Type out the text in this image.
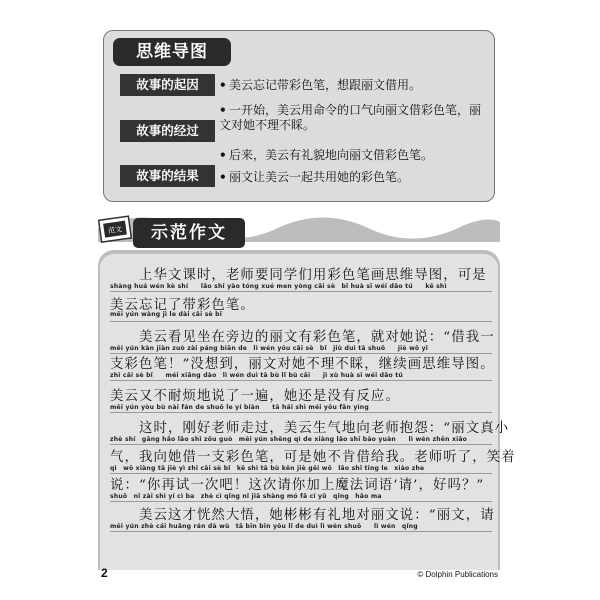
思维导图
故事的起因	• 美云忘记带彩色笔，想跟丽文借用。
故事的经过
• 一开始，美云用命令的口气向丽文借彩色笔，丽文对她不理不睬。
• 后来，美云有礼貌地向丽文借彩色笔。
故事的结果	• 丽文让美云一起共用她的彩色笔。
范文	示范作文
　　上华文课时，老师要同学们用彩色笔画思维导图，可是
shàng huá wén kè shí　　lǎo shī yào tóng xué men yòng cǎi sè　bǐ huà sī wéi dǎo tú　　kě shì
美云忘记了带彩色笔。
měi yún wàng jì le dài cǎi sè bǐ
　　美云看见坐在旁边的丽文有彩色笔，就对她说：“借我一
měi yún kàn jiàn zuò zài páng biān de　lì wén yǒu cǎi sè　bǐ　jiù duì tā shuō　　jiè wǒ yī
支彩色笔！”没想到，丽文对她不理不睬，继续画思维导图。
zhī cǎi sè bǐ　　méi xiǎng dào　lì wén duì tā bù lǐ bù cǎi　　jì xù huà sī wéi dǎo tú
美云又不耐烦地说了一遍，她还是没有反应。
měi yún yòu bù nài fán de shuō le yí biàn　　tā hái shì méi yǒu fǎn yìng
　　这时，刚好老师走过，美云生气地向老师抱怨：“丽文真小
zhè shí　gāng hǎo lǎo shī zǒu guò　měi yún shēng qì de xiàng lǎo shī bào yuàn　　lì wén zhēn xiǎo
气，我向她借一支彩色笔，可是她不肯借给我。老师听了，笑着
qì　wǒ xiàng tā jiè yì zhī cǎi sè bǐ　kě shì tā bù kěn jiè gěi wǒ　lǎo shī tīng le　xiào zhe
说：“你再试一次吧！这次请你加上魔法词语‘请’，好吗？”
shuō　nǐ zài shì yí cì ba　zhè cì qǐng nǐ jiā shàng mó fǎ cí yǔ　qǐng　hǎo ma
　　美云这才恍然大悟，她彬彬有礼地对丽文说：“丽文，请
měi yún zhè cái huǎng rán dà wù　tā bīn bīn yǒu lǐ de duì lì wén shuō　　lì wén　qǐng
2	© Dolphin Publications
